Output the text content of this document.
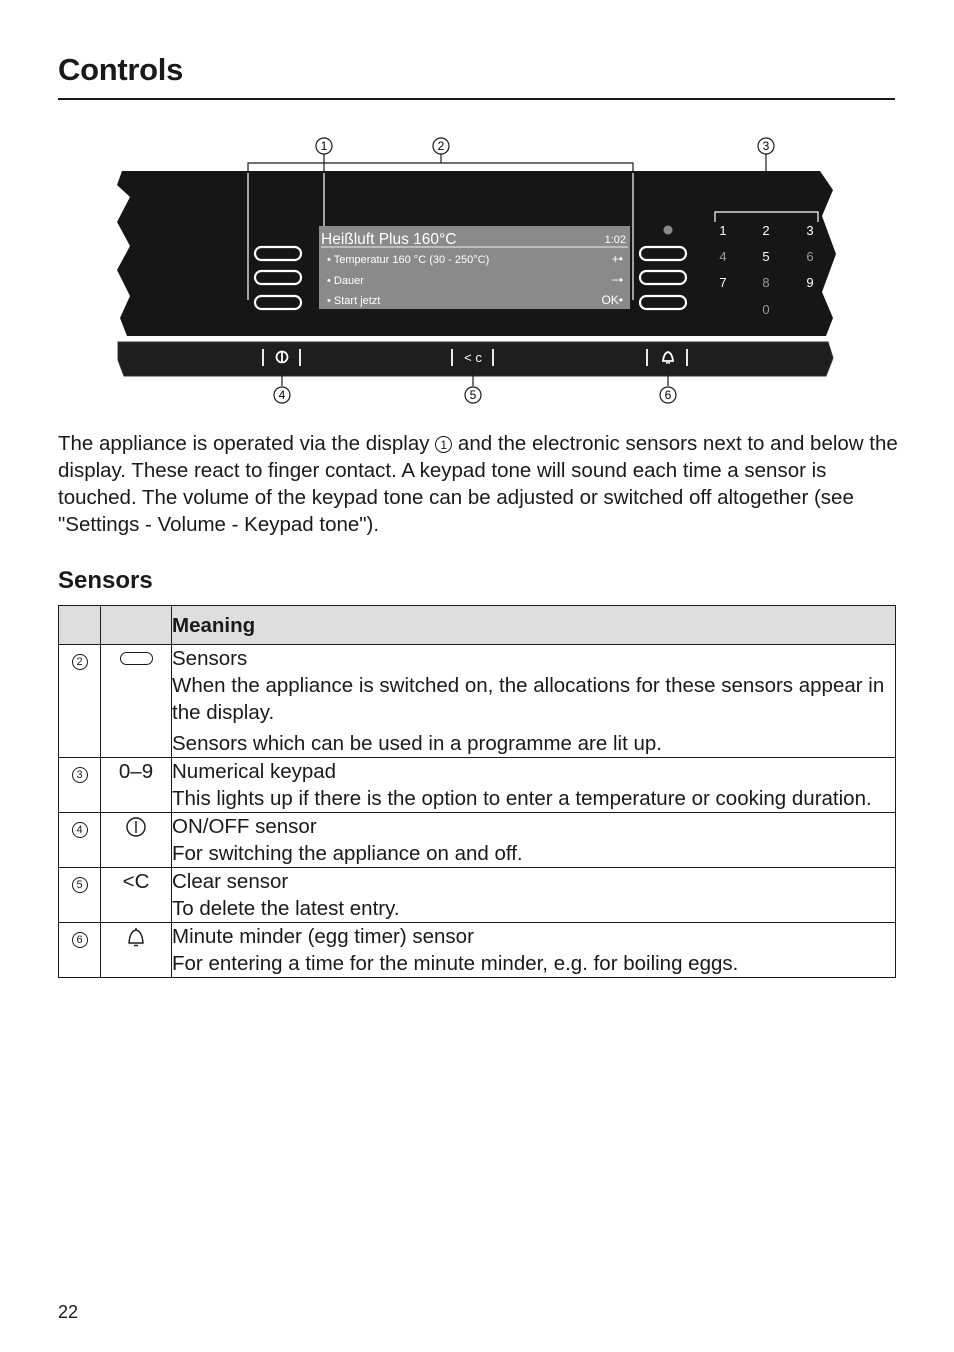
Controls
1	2	3
Heißluft Plus 160°C	1:02
• Temperatur 160 °C (30 - 250°C)
• Dauer
• Start jetzt
+•
−•
OK•
1	2	3
4	5	6
7	8	9
0
< c
4	5	6

The appliance is operated via the display 1 and the electronic sensors next to and below the display. These react to finger contact. A keypad tone will sound each time a sensor is touched. The volume of the keypad tone can be adjusted or switched off altogether (see "Settings - Volume - Keypad tone").

Sensors
		Meaning
2		Sensors
When the appliance is switched on, the allocations for these sensors appear in the display.
Sensors which can be used in a programme are lit up.

3	0–9	Numerical keypad
This lights up if there is the option to enter a temperature or cooking duration.
4		ON/OFF sensor
For switching the appliance on and off.
5	<C	Clear sensor
To delete the latest entry.
6		Minute minder (egg timer) sensor
For entering a time for the minute minder, e.g. for boiling eggs.
22
